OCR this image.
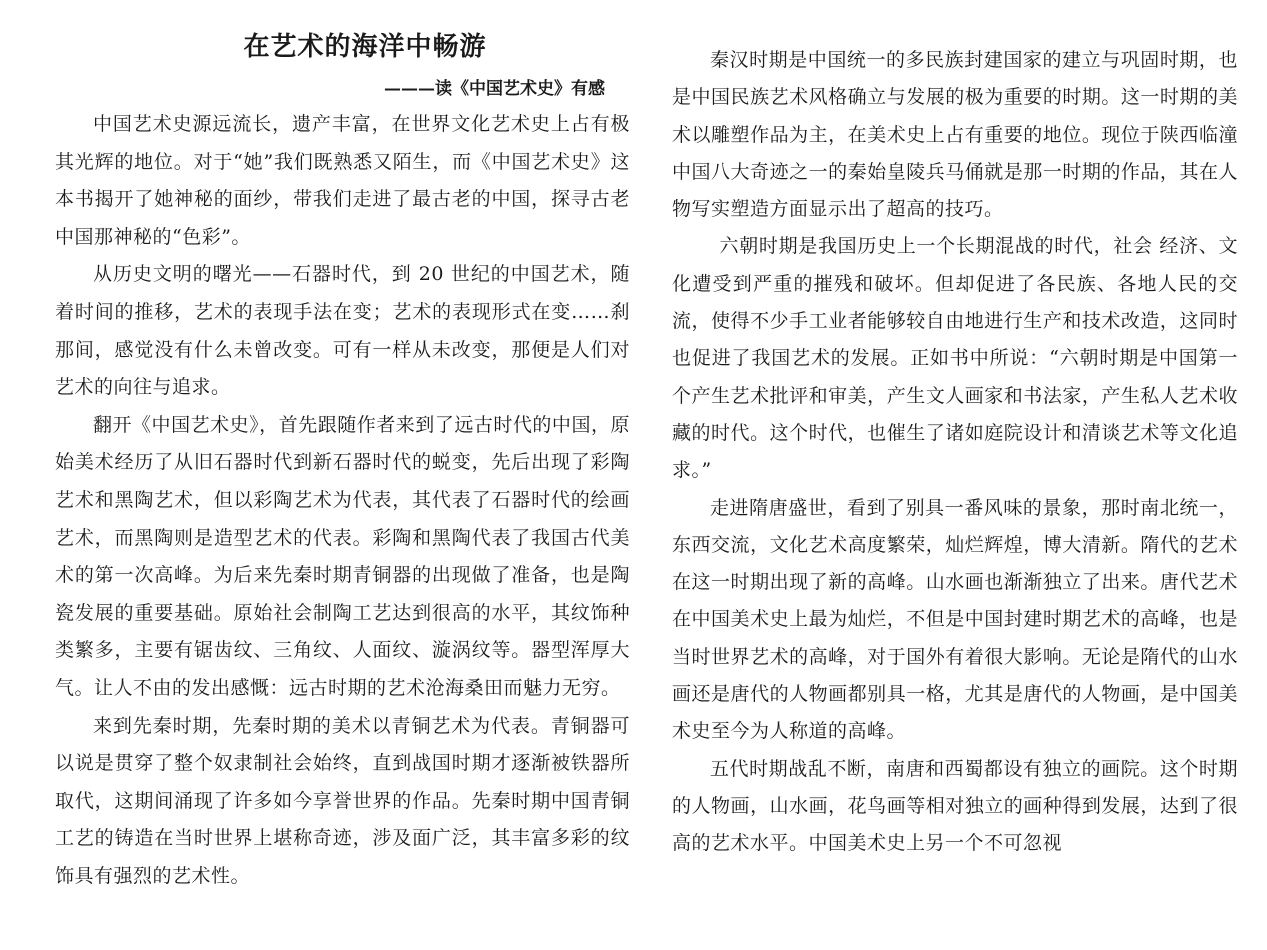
在艺术的海洋中畅游
———读《中国艺术史》有感

中国艺术史源远流长，遗产丰富，在世界文化艺术史上占有极其光辉的地位。对于“她”我们既熟悉又陌生，而《中国艺术史》这本书揭开了她神秘的面纱，带我们走进了最古老的中国，探寻古老中国那神秘的“色彩”。

从历史文明的曙光——石器时代，到 20 世纪的中国艺术，随着时间的推移，艺术的表现手法在变；艺术的表现形式在变……刹那间，感觉没有什么未曾改变。可有一样从未改变，那便是人们对艺术的向往与追求。

翻开《中国艺术史》，首先跟随作者来到了远古时代的中国，原始美术经历了从旧石器时代到新石器时代的蜕变，先后出现了彩陶艺术和黑陶艺术，但以彩陶艺术为代表，其代表了石器时代的绘画艺术，而黑陶则是造型艺术的代表。彩陶和黑陶代表了我国古代美术的第一次高峰。为后来先秦时期青铜器的出现做了准备，也是陶瓷发展的重要基础。原始社会制陶工艺达到很高的水平，其纹饰种类繁多，主要有锯齿纹、三角纹、人面纹、漩涡纹等。器型浑厚大气。让人不由的发出感慨：远古时期的艺术沧海桑田而魅力无穷。

来到先秦时期，先秦时期的美术以青铜艺术为代表。青铜器可以说是贯穿了整个奴隶制社会始终，直到战国时期才逐渐被铁器所取代，这期间涌现了许多如今享誉世界的作品。先秦时期中国青铜工艺的铸造在当时世界上堪称奇迹，涉及面广泛，其丰富多彩的纹饰具有强烈的艺术性。

秦汉时期是中国统一的多民族封建国家的建立与巩固时期，也是中国民族艺术风格确立与发展的极为重要的时期。这一时期的美术以雕塑作品为主，在美术史上占有重要的地位。现位于陕西临潼中国八大奇迹之一的秦始皇陵兵马俑就是那一时期的作品，其在人物写实塑造方面显示出了超高的技巧。

六朝时期是我国历史上一个长期混战的时代，社会 经济、文化遭受到严重的摧残和破坏。但却促进了各民族、各地人民的交流，使得不少手工业者能够较自由地进行生产和技术改造，这同时也促进了我国艺术的发展。正如书中所说：“六朝时期是中国第一个产生艺术批评和审美，产生文人画家和书法家，产生私人艺术收藏的时代。这个时代，也催生了诸如庭院设计和清谈艺术等文化追求。”

走进隋唐盛世，看到了别具一番风味的景象，那时南北统一，东西交流，文化艺术高度繁荣，灿烂辉煌，博大清新。隋代的艺术在这一时期出现了新的高峰。山水画也渐渐独立了出来。唐代艺术在中国美术史上最为灿烂，不但是中国封建时期艺术的高峰，也是当时世界艺术的高峰，对于国外有着很大影响。无论是隋代的山水画还是唐代的人物画都别具一格，尤其是唐代的人物画，是中国美术史至今为人称道的高峰。

五代时期战乱不断，南唐和西蜀都设有独立的画院。这个时期的人物画，山水画，花鸟画等相对独立的画种得到发展，达到了很高的艺术水平。中国美术史上另一个不可忽视
